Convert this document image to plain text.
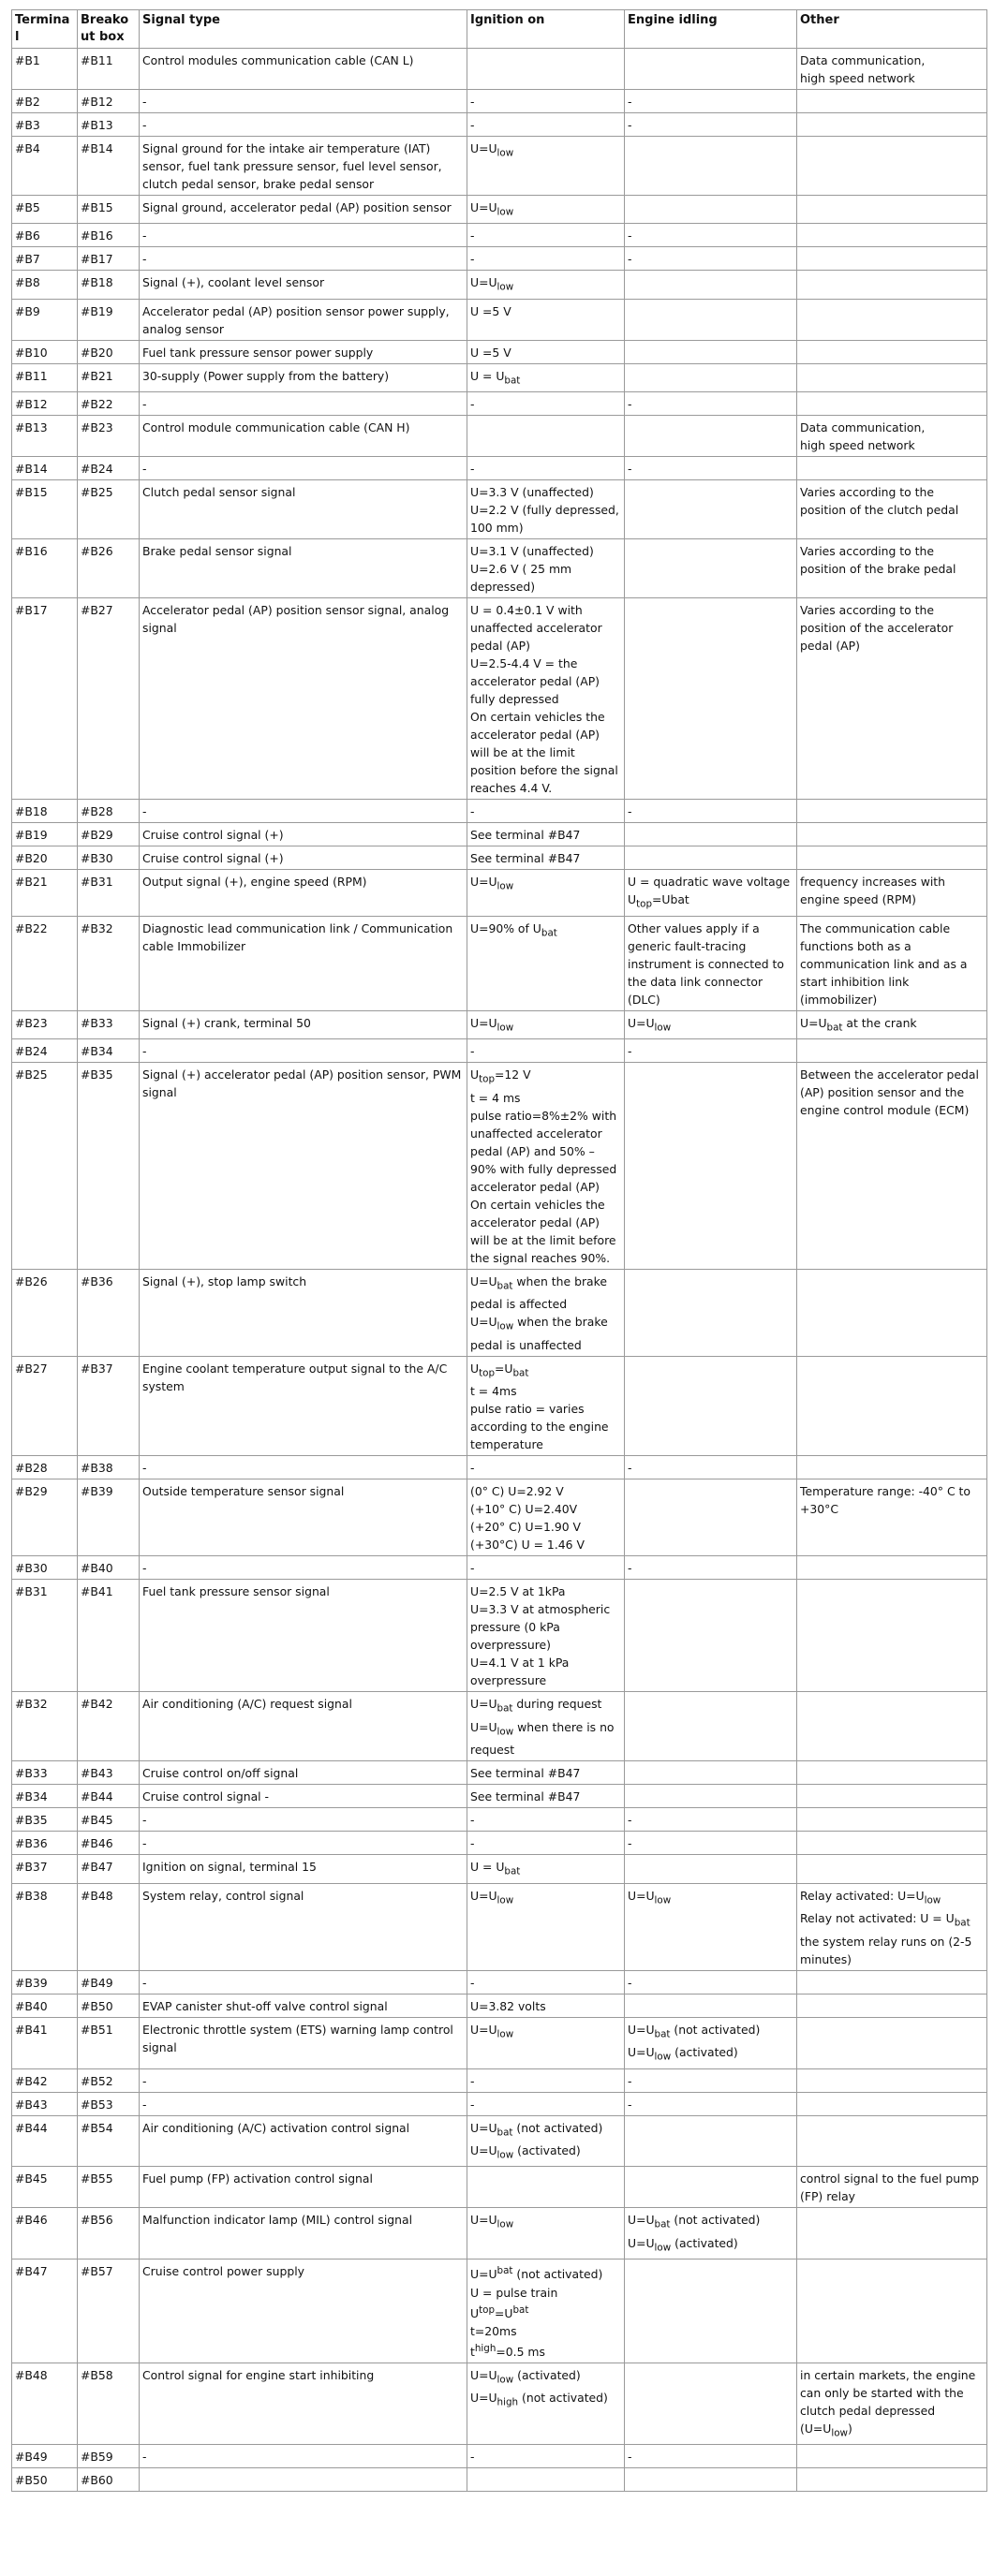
Terminal	Breakout box	Signal type	Ignition on	Engine idling	Other
#B1	#B11	Control modules communication cable (CAN L)			Data communication,
high speed network

#B2	#B12	-	-	-	

#B3	#B13	-	-	-	

#B4	#B14	Signal ground for the intake air temperature (IAT) sensor, fuel tank pressure sensor, fuel level sensor, clutch pedal sensor, brake pedal sensor	$U=U_{low}$

#B5	#B15	Signal ground, accelerator pedal (AP) position sensor	$U=U_{low}$

#B6	#B16	-	-	-	

#B7	#B17	-	-	-	

#B8	#B18	Signal (+), coolant level sensor	$U=U_{low}$

#B9	#B19	Accelerator pedal (AP) position sensor power supply, analog sensor	U =5 V		

#B10	#B20	Fuel tank pressure sensor power supply	U =5 V		

#B11	#B21	30-supply (Power supply from the battery)	$U = U_{bat}$

#B12	#B22	-	-	-	

#B13	#B23	Control module communication cable (CAN H)			Data communication,
high speed network

#B14	#B24	-	-	-	

#B15	#B25	Clutch pedal sensor signal	U=3.3 V (unaffected)
U=2.2 V (fully depressed, 100 mm)		Varies according to the position of the clutch pedal

#B16	#B26	Brake pedal sensor signal	U=3.1 V (unaffected)
U=2.6 V ( 25 mm depressed)		Varies according to the position of the brake pedal

#B17	#B27	Accelerator pedal (AP) position sensor signal, analog signal	U = 0.4±0.1 V with unaffected accelerator pedal (AP)
U=2.5-4.4 V = the accelerator pedal (AP) fully depressed
On certain vehicles the accelerator pedal (AP) will be at the limit position before the signal reaches 4.4 V.		Varies according to the position of the accelerator pedal (AP)

#B18	#B28	-	-	-	

#B19	#B29	Cruise control signal (+)	See terminal #B47		

#B20	#B30	Cruise control signal (+)	See terminal #B47		

#B21	#B31	Output signal (+), engine speed (RPM)	$U=U_{low}$	U = quadratic wave voltage
$U_{top}=Ubat$	frequency increases with engine speed (RPM)

#B22	#B32	Diagnostic lead communication link / Communication cable Immobilizer	U=90% of $U_{bat}$	Other values apply if a generic fault-tracing instrument is connected to the data link connector (DLC)	The communication cable functions both as a communication link and as a start inhibition link (immobilizer)

#B23	#B33	Signal (+) crank, terminal 50	$U=U_{low}$	$U=U_{low}$	$U=U_{bat}$ at the crank

#B24	#B34	-	-	-	

#B25	#B35	Signal (+) accelerator pedal (AP) position sensor, PWM signal	$U_{top}=12$ V
t = 4 ms
pulse ratio=8%±2% with unaffected accelerator pedal (AP) and 50% – 90% with fully depressed accelerator pedal (AP)
On certain vehicles the accelerator pedal (AP) will be at the limit before the signal reaches 90%.		Between the accelerator pedal (AP) position sensor and the engine control module (ECM)

#B26	#B36	Signal (+), stop lamp switch	$U=U_{bat}$ when the brake pedal is affected
$U=U_{low}$ when the brake pedal is unaffected		

#B27	#B37	Engine coolant temperature output signal to the A/C system	$U_{top}=U_{bat}$
t = 4ms
pulse ratio = varies according to the engine temperature		

#B28	#B38	-	-	-	

#B29	#B39	Outside temperature sensor signal	(0° C) U=2.92 V
(+10° C) U=2.40V
(+20° C) U=1.90 V
(+30°C) U = 1.46 V		Temperature range: -40° C to +30°C

#B30	#B40	-	-	-	

#B31	#B41	Fuel tank pressure sensor signal	U=2.5 V at 1kPa
U=3.3 V at atmospheric pressure (0 kPa overpressure)
U=4.1 V at 1 kPa overpressure		

#B32	#B42	Air conditioning (A/C) request signal	$U=U_{bat}$ during request
$U=U_{low}$ when there is no request		

#B33	#B43	Cruise control on/off signal	See terminal #B47		

#B34	#B44	Cruise control signal -	See terminal #B47		

#B35	#B45	-	-	-	

#B36	#B46	-	-	-	

#B37	#B47	Ignition on signal, terminal 15	$U = U_{bat}$

#B38	#B48	System relay, control signal	$U=U_{low}$	$U=U_{low}$	Relay activated: $U=U_{low}$
Relay not activated: $U = U_{bat}$
the system relay runs on (2-5 minutes)

#B39	#B49	-	-	-	

#B40	#B50	EVAP canister shut-off valve control signal	U=3.82 volts		

#B41	#B51	Electronic throttle system (ETS) warning lamp control signal	$U=U_{low}$	$U=U_{bat}$ (not activated)
$U=U_{low}$ (activated)	

#B42	#B52	-	-	-	

#B43	#B53	-	-	-	

#B44	#B54	Air conditioning (A/C) activation control signal	$U=U_{bat}$ (not activated)
$U=U_{low}$ (activated)		

#B45	#B55	Fuel pump (FP) activation control signal			control signal to the fuel pump (FP) relay

#B46	#B56	Malfunction indicator lamp (MIL) control signal	$U=U_{low}$	$U=U_{bat}$ (not activated)
$U=U_{low}$ (activated)	

#B47	#B57	Cruise control power supply	$U=U^{bat}$ (not activated)
U = pulse train
$U^{top}=U^{bat}$
t=20ms
$t^{high}=0.5$ ms		

#B48	#B58	Control signal for engine start inhibiting	$U=U_{low}$ (activated)
$U=U_{high}$ (not activated)		in certain markets, the engine can only be started with the clutch pedal depressed $(U=U_{low})$

#B49	#B59	-	-	-	

#B50	#B60				
